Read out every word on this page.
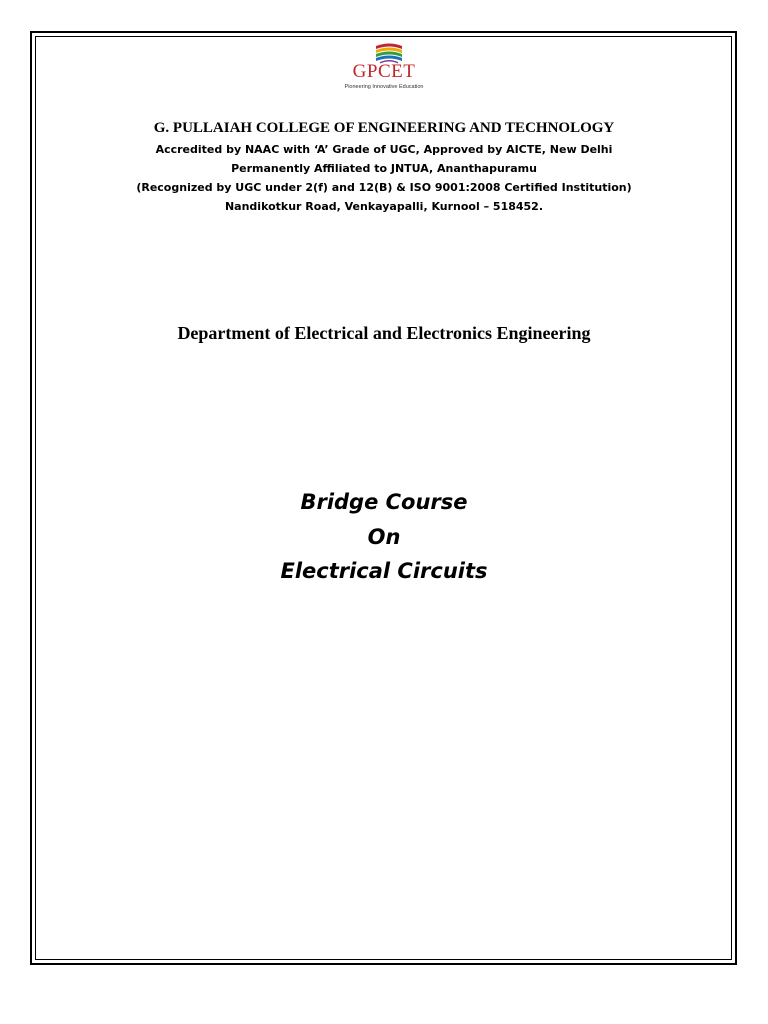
GPCET
Pioneering Innovative Education
G. PULLAIAH COLLEGE OF ENGINEERING AND TECHNOLOGY
Accredited by NAAC with ‘A’ Grade of UGC, Approved by AICTE, New Delhi
Permanently Affiliated to JNTUA, Ananthapuramu
(Recognized by UGC under 2(f) and 12(B) & ISO 9001:2008 Certified Institution)
Nandikotkur Road, Venkayapalli, Kurnool – 518452.
Department of Electrical and Electronics Engineering
Bridge Course
On
Electrical Circuits
